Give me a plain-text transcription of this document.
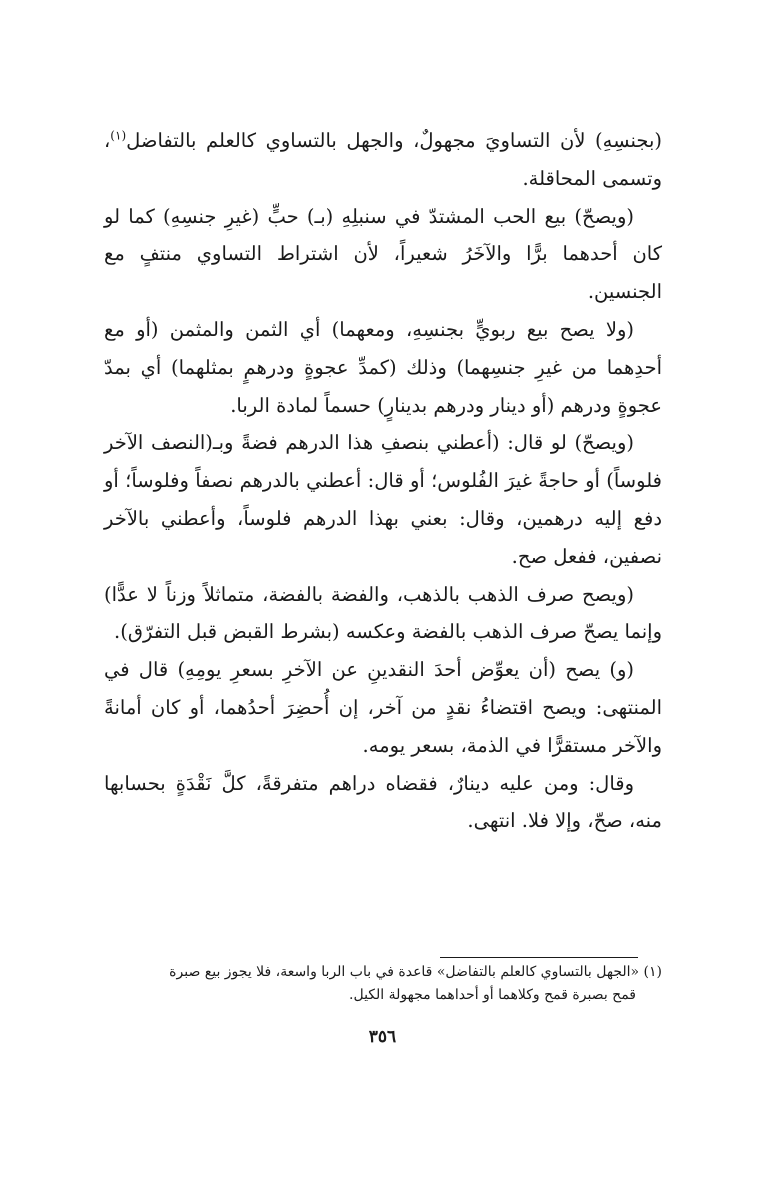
(بجنسِهِ) لأن التساويَ مجهولٌ، والجهل بالتساوي كالعلم بالتفاضل$^{(١)}$، وتسمى المحاقلة.

(ويصحّ) بيع الحب المشتدّ في سنبلِهِ (بـ) حبٍّ (غيرِ جنسِهِ) كما لو كان أحدهما برًّا والآخَرُ شعيراً، لأن اشتراط التساوي منتفٍ مع الجنسين.

(ولا يصح بيع ربويٍّ بجنسِهِ، ومعهما) أي الثمن والمثمن (أو مع أحدِهما من غيرِ جنسِهما) وذلك (كمدِّ عجوةٍ ودرهمٍ بمثلهما) أي بمدّ عجوةٍ ودرهم (أو دينار ودرهم بدينارٍ) حسماً لمادة الربا.

(ويصحّ) لو قال: (أعطني بنصفِ هذا الدرهم فضةً وبـ(النصف الآخر فلوساً) أو حاجةً غيرَ الفُلوس؛ أو قال: أعطني بالدرهم نصفاً وفلوساً؛ أو دفع إليه درهمين، وقال: بعني بهذا الدرهم فلوساً، وأعطني بالآخر نصفين، ففعل صح.

(ويصح صرف الذهب بالذهب، والفضة بالفضة، متماثلاً وزناً لا عدًّا) وإنما يصحّ صرف الذهب بالفضة وعكسه (بشرط القبض قبل التفرّق).

(و) يصح (أن يعوِّض أحدَ النقدينِ عن الآخرِ بسعرِ يومِهِ) قال في المنتهى: ويصح اقتضاءُ نقدٍ من آخر، إن أُحضِرَ أحدُهما، أو كان أمانةً والآخر مستقرًّا في الذمة، بسعر يومه.

وقال: ومن عليه دينارٌ، فقضاه دراهم متفرقةً، كلَّ نَقْدَةٍ بحسابها منه، صحّ، وإلا فلا. انتهى.

(١) «الجهل بالتساوي كالعلم بالتفاضل» قاعدة في باب الربا واسعة، فلا يجوز بيع صبرة

قمح بصبرة قمح وكلاهما أو أحداهما مجهولة الكيل.

٣٥٦
